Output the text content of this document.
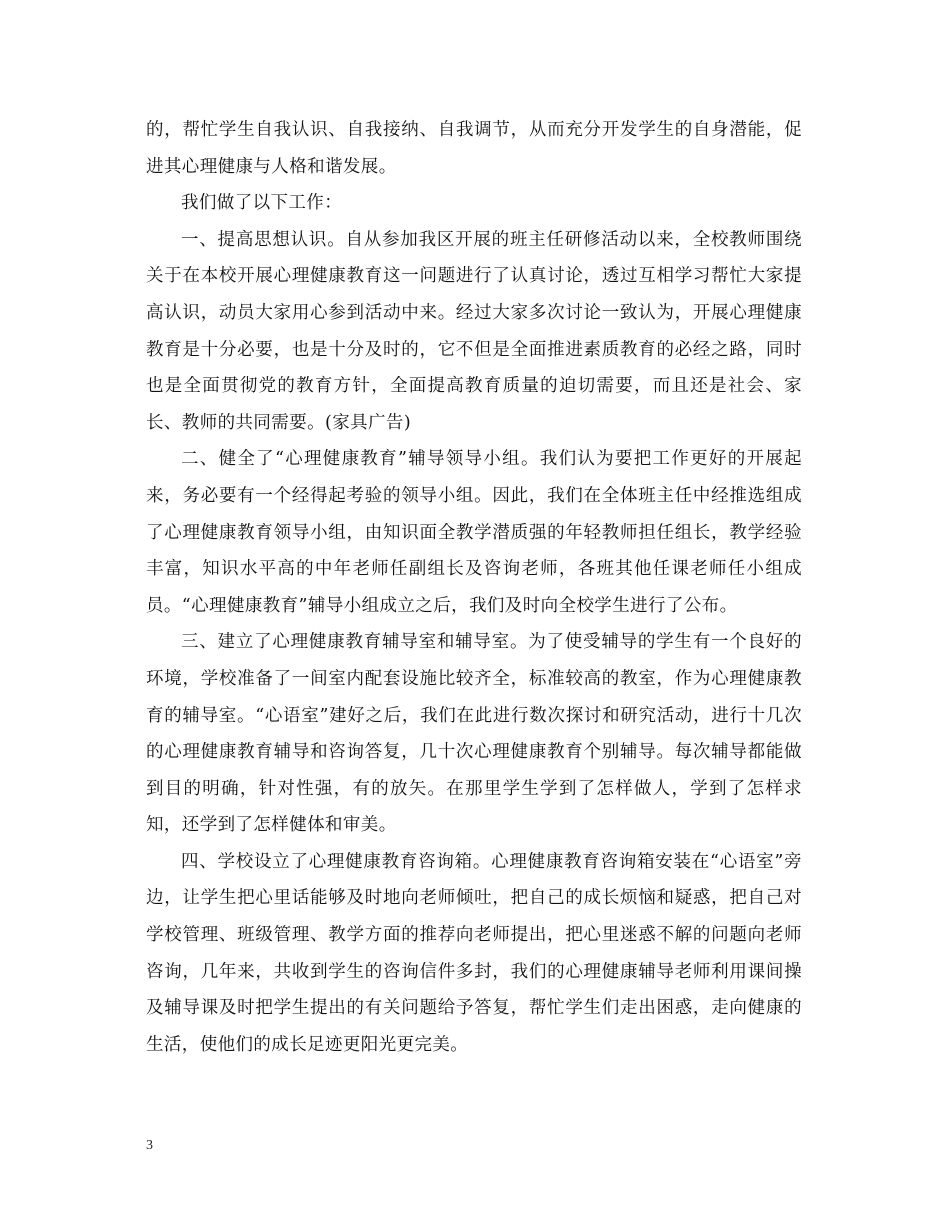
的，帮忙学生自我认识、自我接纳、自我调节，从而充分开发学生的自身潜能，促进其心理健康与人格和谐发展。

我们做了以下工作：

一、提高思想认识。自从参加我区开展的班主任研修活动以来，全校教师围绕关于在本校开展心理健康教育这一问题进行了认真讨论，透过互相学习帮忙大家提高认识，动员大家用心参到活动中来。经过大家多次讨论一致认为，开展心理健康教育是十分必要，也是十分及时的，它不但是全面推进素质教育的必经之路，同时也是全面贯彻党的教育方针，全面提高教育质量的迫切需要，而且还是社会、家长、教师的共同需要。(家具广告)

二、健全了“心理健康教育”辅导领导小组。我们认为要把工作更好的开展起来，务必要有一个经得起考验的领导小组。因此，我们在全体班主任中经推选组成了心理健康教育领导小组，由知识面全教学潜质强的年轻教师担任组长，教学经验丰富，知识水平高的中年老师任副组长及咨询老师，各班其他任课老师任小组成员。“心理健康教育”辅导小组成立之后，我们及时向全校学生进行了公布。

三、建立了心理健康教育辅导室和辅导室。为了使受辅导的学生有一个良好的环境，学校准备了一间室内配套设施比较齐全，标准较高的教室，作为心理健康教育的辅导室。“心语室”建好之后，我们在此进行数次探讨和研究活动，进行十几次的心理健康教育辅导和咨询答复，几十次心理健康教育个别辅导。每次辅导都能做到目的明确，针对性强，有的放矢。在那里学生学到了怎样做人，学到了怎样求知，还学到了怎样健体和审美。

四、学校设立了心理健康教育咨询箱。心理健康教育咨询箱安装在“心语室”旁边，让学生把心里话能够及时地向老师倾吐，把自己的成长烦恼和疑惑，把自己对学校管理、班级管理、教学方面的推荐向老师提出，把心里迷惑不解的问题向老师咨询，几年来，共收到学生的咨询信件多封，我们的心理健康辅导老师利用课间操及辅导课及时把学生提出的有关问题给予答复，帮忙学生们走出困惑，走向健康的生活，使他们的成长足迹更阳光更完美。

3
